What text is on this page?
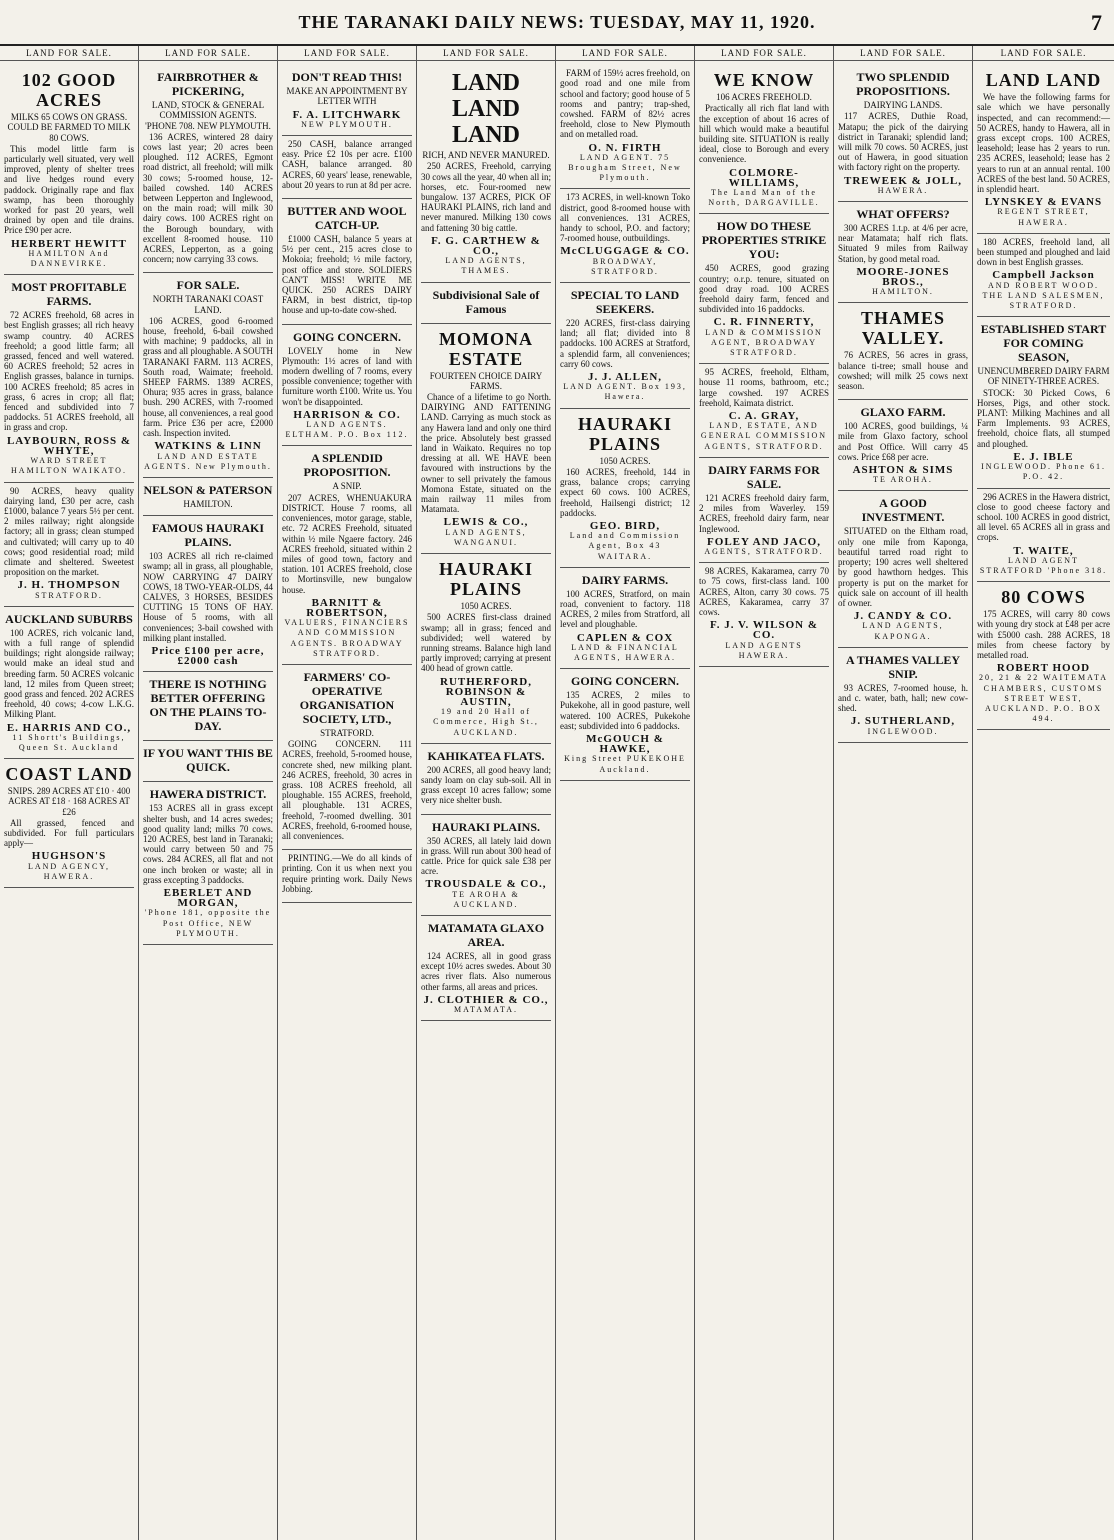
THE TARANAKI DAILY NEWS: TUESDAY, MAY 11, 1920.	7
LAND FOR SALE.
102 GOOD ACRES
MILKS 65 COWS ON GRASS. COULD BE FARMED TO MILK 80 COWS.

This model little farm is particularly well situated, very well improved, plenty of shelter trees and live hedges round every paddock. Originally rape and flax swamp, has been thoroughly worked for past 20 years, well drained by open and tile drains. Price £90 per acre.

HERBERT HEWITT
HAMILTON And DANNEVIRKE.
MOST PROFITABLE FARMS.

72 ACRES freehold, 68 acres in best English grasses; all rich heavy swamp country. 40 ACRES freehold; a good little farm; all grassed, fenced and well watered. 60 ACRES freehold; 52 acres in English grasses, balance in turnips. 100 ACRES freehold; 85 acres in grass, 6 acres in crop; all flat; fenced and subdivided into 7 paddocks. 51 ACRES freehold, all in grass and crop.

LAYBOURN, ROSS & WHYTE,
WARD STREET HAMILTON WAIKATO.

90 ACRES, heavy quality dairying land, £30 per acre, cash £1000, balance 7 years 5½ per cent. 2 miles railway; right alongside factory; all in grass; clean stumped and cultivated; will carry up to 40 cows; good residential road; mild climate and sheltered. Sweetest proposition on the market.

J. H. THOMPSON
STRATFORD.
AUCKLAND SUBURBS

100 ACRES, rich volcanic land, with a full range of splendid buildings; right alongside railway; would make an ideal stud and breeding farm. 50 ACRES volcanic land, 12 miles from Queen street; good grass and fenced. 202 ACRES freehold, 40 cows; 4-cow L.K.G. Milking Plant.

E. HARRIS AND CO.,
11 Shortt's Buildings, Queen St. Auckland
COAST LAND
SNIPS. 289 ACRES AT £10 · 400 ACRES AT £18 · 168 ACRES AT £26

All grassed, fenced and subdivided. For full particulars apply—

HUGHSON'S
LAND AGENCY, HAWERA.
LAND FOR SALE.
FAIRBROTHER & PICKERING,
LAND, STOCK & GENERAL COMMISSION AGENTS. 'PHONE 708. NEW PLYMOUTH.

136 ACRES, wintered 28 dairy cows last year; 20 acres been ploughed. 112 ACRES, Egmont road district, all freehold; will milk 30 cows; 5-roomed house, 12-bailed cowshed. 140 ACRES between Lepperton and Inglewood, on the main road; will milk 30 dairy cows. 100 ACRES right on the Borough boundary, with excellent 8-roomed house. 110 ACRES, Lepperton, as a going concern; now carrying 33 cows.

FOR SALE.
NORTH TARANAKI COAST LAND.

106 ACRES, good 6-roomed house, freehold, 6-bail cowshed with machine; 9 paddocks, all in grass and all ploughable. A SOUTH TARANAKI FARM. 113 ACRES, South road, Waimate; freehold. SHEEP FARMS. 1389 ACRES, Ohura; 935 acres in grass, balance bush. 290 ACRES, with 7-roomed house, all conveniences, a real good farm. Price £36 per acre, £2000 cash. Inspection invited.

WATKINS & LINN
LAND AND ESTATE AGENTS. New Plymouth.
NELSON & PATERSON
HAMILTON.
FAMOUS HAURAKI PLAINS.

103 ACRES all rich re-claimed swamp; all in grass, all ploughable, NOW CARRYING 47 DAIRY COWS, 18 TWO-YEAR-OLDS, 44 CALVES, 3 HORSES, BESIDES CUTTING 15 TONS OF HAY. House of 5 rooms, with all conveniences; 3-bail cowshed with milking plant installed.

Price £100 per acre, £2000 cash
THERE IS NOTHING BETTER OFFERING ON THE PLAINS TO-DAY.
IF YOU WANT THIS BE QUICK.
HAWERA DISTRICT.

153 ACRES all in grass except shelter bush, and 14 acres swedes; good quality land; milks 70 cows. 120 ACRES, best land in Taranaki; would carry between 50 and 75 cows. 284 ACRES, all flat and not one inch broken or waste; all in grass excepting 3 paddocks.

EBERLET AND MORGAN,
'Phone 181, opposite the Post Office, NEW PLYMOUTH.
LAND FOR SALE.
DON'T READ THIS!
MAKE AN APPOINTMENT BY LETTER WITH
F. A. LITCHWARK
NEW PLYMOUTH.

250 CASH, balance arranged easy. Price £2 10s per acre. £100 CASH, balance arranged. 80 ACRES, 60 years' lease, renewable, about 20 years to run at 8d per acre.

BUTTER AND WOOL CATCH-UP.

£1000 CASH, balance 5 years at 5½ per cent., 215 acres close to Mokoia; freehold; ½ mile factory, post office and store. SOLDIERS CAN'T MISS! WRITE ME QUICK. 250 ACRES DAIRY FARM, in best district, tip-top house and up-to-date cow-shed.

GOING CONCERN.

LOVELY home in New Plymouth: 1½ acres of land with modern dwelling of 7 rooms, every possible convenience; together with furniture worth £100. Write us. You won't be disappointed.

HARRISON & CO.
LAND AGENTS. ELTHAM. P.O. Box 112.
A SPLENDID PROPOSITION.
A SNIP.

207 ACRES, WHENUAKURA DISTRICT. House 7 rooms, all conveniences, motor garage, stable, etc. 72 ACRES Freehold, situated within ½ mile Ngaere factory. 246 ACRES freehold, situated within 2 miles of good town, factory and station. 101 ACRES freehold, close to Mortinsville, new bungalow house.

BARNITT & ROBERTSON,
VALUERS, FINANCIERS AND COMMISSION AGENTS. BROADWAY STRATFORD.
FARMERS' CO-OPERATIVE ORGANISATION SOCIETY, LTD.,
STRATFORD.

GOING CONCERN. 111 ACRES, freehold, 5-roomed house, concrete shed, new milking plant. 246 ACRES, freehold, 30 acres in grass. 108 ACRES freehold, all ploughable. 155 ACRES, freehold, all ploughable. 131 ACRES, freehold, 7-roomed dwelling. 301 ACRES, freehold, 6-roomed house, all conveniences.

PRINTING.—We do all kinds of printing. Con it us when next you require printing work. Daily News Jobbing.

LAND FOR SALE.
LAND LAND LAND
RICH, AND NEVER MANURED.

250 ACRES, Freehold, carrying 30 cows all the year, 40 when all in; horses, etc. Four-roomed new bungalow. 137 ACRES, PICK OF HAURAKI PLAINS, rich land and never manured. Milking 130 cows and fattening 30 big cattle.

F. G. CARTHEW & CO.,
LAND AGENTS, THAMES.
Subdivisional Sale of Famous
MOMONA ESTATE
FOURTEEN CHOICE DAIRY FARMS.

Chance of a lifetime to go North. DAIRYING AND FATTENING LAND. Carrying as much stock as any Hawera land and only one third the price. Absolutely best grassed land in Waikato. Requires no top dressing at all. WE HAVE been favoured with instructions by the owner to sell privately the famous Momona Estate, situated on the main railway 11 miles from Matamata.

LEWIS & CO.,
LAND AGENTS, WANGANUI.
HAURAKI PLAINS
1050 ACRES.

500 ACRES first-class drained swamp; all in grass; fenced and subdivided; well watered by running streams. Balance high land partly improved; carrying at present 400 head of grown cattle.

RUTHERFORD, ROBINSON & AUSTIN,
19 and 20 Hall of Commerce, High St., AUCKLAND.
KAHIKATEA FLATS.

200 ACRES, all good heavy land; sandy loam on clay sub-soil. All in grass except 10 acres fallow; some very nice shelter bush.

HAURAKI PLAINS.

350 ACRES, all lately laid down in grass. Will run about 300 head of cattle. Price for quick sale £38 per acre.

TROUSDALE & CO.,
TE AROHA & AUCKLAND.
MATAMATA GLAXO AREA.

124 ACRES, all in good grass except 10½ acres swedes. About 30 acres river flats. Also numerous other farms, all areas and prices.

J. CLOTHIER & CO.,
MATAMATA.
LAND FOR SALE.

FARM of 159½ acres freehold, on good road and one mile from school and factory; good house of 5 rooms and pantry; trap-shed, cowshed. FARM of 82½ acres freehold, close to New Plymouth and on metalled road.

O. N. FIRTH
LAND AGENT. 75 Brougham Street, New Plymouth.

173 ACRES, in well-known Toko district, good 8-roomed house with all conveniences. 131 ACRES, handy to school, P.O. and factory; 7-roomed house, outbuildings.

McCLUGGAGE & CO.
BROADWAY, STRATFORD.
SPECIAL TO LAND SEEKERS.

220 ACRES, first-class dairying land; all flat; divided into 8 paddocks. 100 ACRES at Stratford, a splendid farm, all conveniences; carry 60 cows.

J. J. ALLEN,
LAND AGENT. Box 193, Hawera.
HAURAKI PLAINS
1050 ACRES.

160 ACRES, freehold, 144 in grass, balance crops; carrying expect 60 cows. 100 ACRES, freehold, Hailsengi district; 12 paddocks.

GEO. BIRD,
Land and Commission Agent, Box 43 WAITARA.
DAIRY FARMS.

100 ACRES, Stratford, on main road, convenient to factory. 118 ACRES, 2 miles from Stratford, all level and ploughable.

CAPLEN & COX
LAND & FINANCIAL AGENTS, HAWERA.
GOING CONCERN.

135 ACRES, 2 miles to Pukekohe, all in good pasture, well watered. 100 ACRES, Pukekohe east; subdivided into 6 paddocks.

McGOUCH & HAWKE,
King Street PUKEKOHE Auckland.
LAND FOR SALE.
WE KNOW
106 ACRES FREEHOLD.

Practically all rich flat land with the exception of about 16 acres of hill which would make a beautiful building site. SITUATION is really ideal, close to Borough and every convenience.

COLMORE-WILLIAMS,
The Land Man of the North, DARGAVILLE.
HOW DO THESE PROPERTIES STRIKE YOU:

450 ACRES, good grazing country; o.r.p. tenure, situated on good dray road. 100 ACRES freehold dairy farm, fenced and subdivided into 16 paddocks.

C. R. FINNERTY,
LAND & COMMISSION AGENT, BROADWAY STRATFORD.

95 ACRES, freehold, Eltham, house 11 rooms, bathroom, etc.; large cowshed. 197 ACRES freehold, Kaimata district.

C. A. GRAY,
LAND, ESTATE, AND GENERAL COMMISSION AGENTS, STRATFORD.
DAIRY FARMS FOR SALE.

121 ACRES freehold dairy farm, 2 miles from Waverley. 159 ACRES, freehold dairy farm, near Inglewood.

FOLEY AND JACO,
AGENTS, STRATFORD.

98 ACRES, Kakaramea, carry 70 to 75 cows, first-class land. 100 ACRES, Alton, carry 30 cows. 75 ACRES, Kakaramea, carry 37 cows.

F. J. V. WILSON & CO.
LAND AGENTS HAWERA.
LAND FOR SALE.
TWO SPLENDID PROPOSITIONS.
DAIRYING LANDS.

117 ACRES, Duthie Road, Matapu; the pick of the dairying district in Taranaki; splendid land; will milk 70 cows. 50 ACRES, just out of Hawera, in good situation with factory right on the property.

TREWEEK & JOLL,
HAWERA.
WHAT OFFERS?

300 ACRES 1.t.p. at 4/6 per acre, near Matamata; half rich flats. Situated 9 miles from Railway Station, by good metal road.

MOORE-JONES BROS.,
HAMILTON.
THAMES VALLEY.

76 ACRES, 56 acres in grass, balance ti-tree; small house and cowshed; will milk 25 cows next season.

GLAXO FARM.

100 ACRES, good buildings, ¼ mile from Glaxo factory, school and Post Office. Will carry 45 cows. Price £68 per acre.

ASHTON & SIMS
TE AROHA.
A GOOD INVESTMENT.

SITUATED on the Eltham road, only one mile from Kaponga, beautiful tarred road right to property; 190 acres well sheltered by good hawthorn hedges. This property is put on the market for quick sale on account of ill health of owner.

J. CANDY & CO.
LAND AGENTS, KAPONGA.
A THAMES VALLEY SNIP.

93 ACRES, 7-roomed house, h. and c. water, bath, hall; new cow-shed.

J. SUTHERLAND,
INGLEWOOD.
LAND FOR SALE.
LAND LAND

We have the following farms for sale which we have personally inspected, and can recommend:— 50 ACRES, handy to Hawera, all in grass except crops. 100 ACRES, leasehold; lease has 2 years to run. 235 ACRES, leasehold; lease has 2 years to run at an annual rental. 100 ACRES of the best land. 50 ACRES, in splendid heart.

LYNSKEY & EVANS
REGENT STREET, HAWERA.

180 ACRES, freehold land, all been stumped and ploughed and laid down in best English grasses.

Campbell Jackson
AND ROBERT WOOD. THE LAND SALESMEN, STRATFORD.
ESTABLISHED START FOR COMING SEASON,
UNENCUMBERED DAIRY FARM OF NINETY-THREE ACRES.

STOCK: 30 Picked Cows, 6 Horses, Pigs, and other stock. PLANT: Milking Machines and all Farm Implements. 93 ACRES, freehold, choice flats, all stumped and ploughed.

E. J. IBLE
INGLEWOOD. Phone 61. P.O. 42.

296 ACRES in the Hawera district, close to good cheese factory and school. 100 ACRES in good district, all level. 65 ACRES all in grass and crops.

T. WAITE,
LAND AGENT STRATFORD 'Phone 318.
80 COWS

175 ACRES, will carry 80 cows with young dry stock at £48 per acre with £5000 cash. 288 ACRES, 18 miles from cheese factory by metalled road.

ROBERT HOOD
20, 21 & 22 WAITEMATA CHAMBERS, CUSTOMS STREET WEST, AUCKLAND. P.O. BOX 494.
